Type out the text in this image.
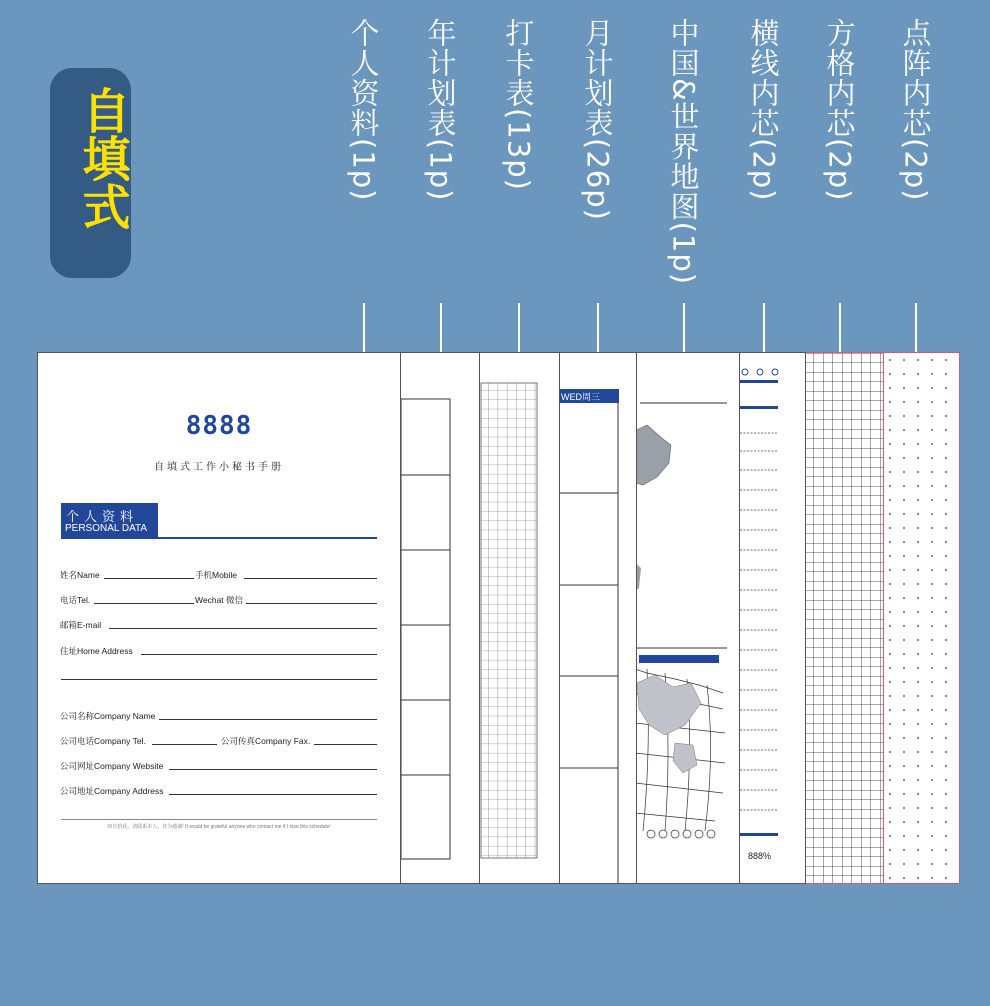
自填式	个人资料(1p) 年计划表(1p) 打卡表(13p) 月计划表(26p) 中国&世界地图(1p) 横线内芯(2p) 方格内芯(2p) 点阵内芯(2p)
888%
WED周三
8888
自填式工作小秘书手册
个人资料
PERSONAL DATA
姓名Name	手机Mobile
电话Tel.	Wechat 微信
邮箱E-mail
住址Home Address
公司名称Company Name
公司电话Company Tel.	公司传真Company Fax.
公司网址Company Website
公司地址Company Address
如有拾获，请联系本人，甚为感谢! It would be grateful anyone who contact me if I lose this schedule!
